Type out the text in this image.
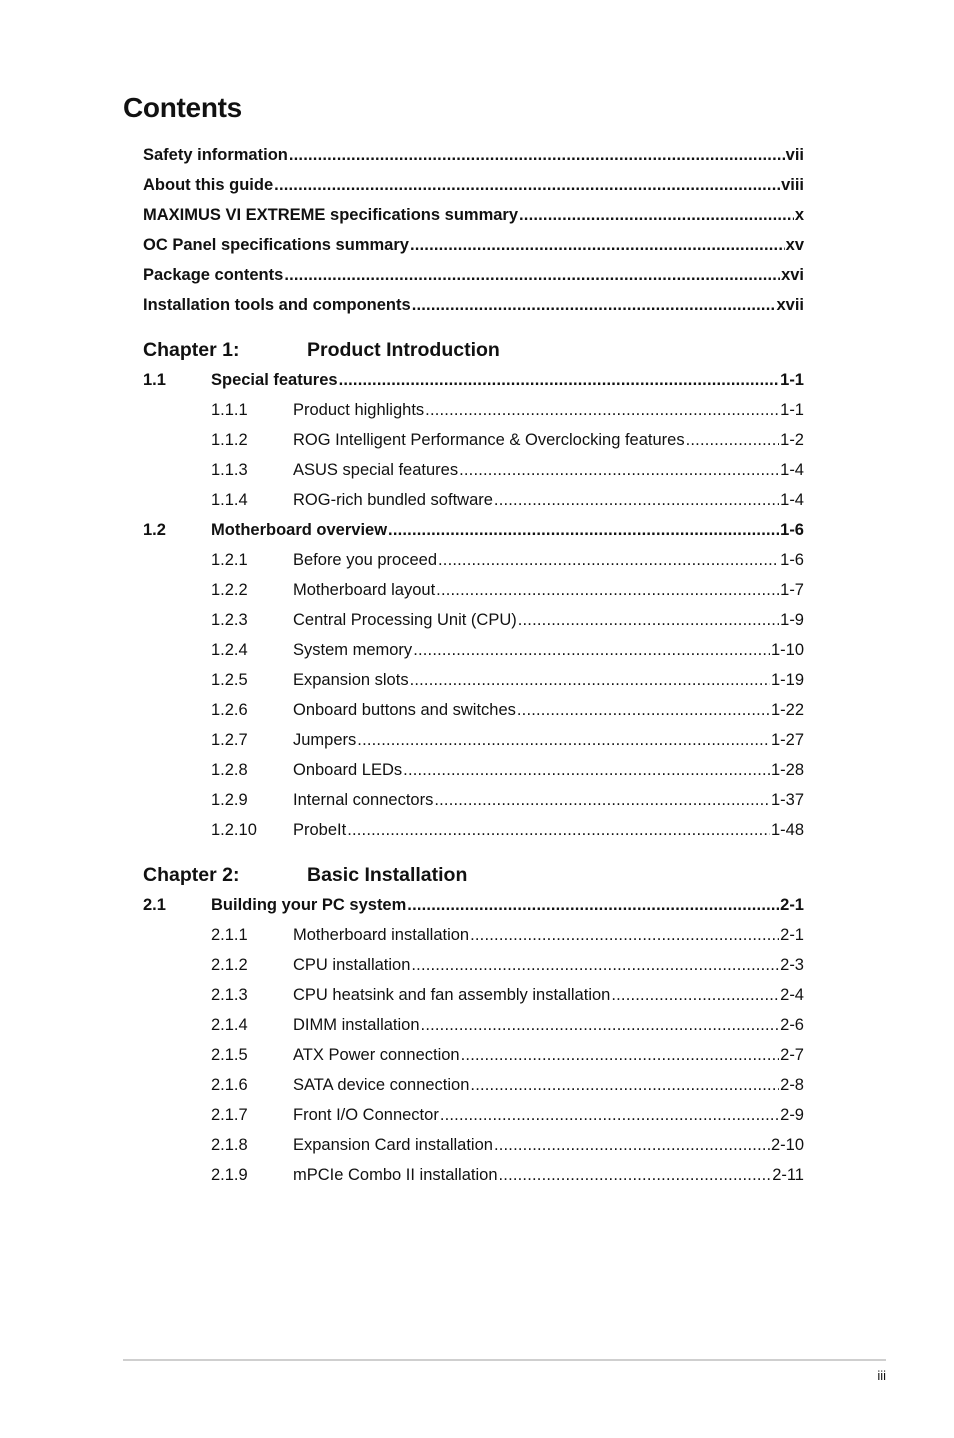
Contents
Safety information .....	vii
About this guide .....	viii
MAXIMUS VI EXTREME specifications summary .....	x
OC Panel specifications summary .....	xv
Package contents .....	xvi
Installation tools and components .....	xvii
Chapter 1:	Product Introduction
1.1	Special features .....	1-1
1.1.1	Product highlights .....	1-1
1.1.2	ROG Intelligent Performance & Overclocking features .....	1-2
1.1.3	ASUS special features .....	1-4
1.1.4	ROG-rich bundled software .....	1-4
1.2	Motherboard overview .....	1-6
1.2.1	Before you proceed .....	1-6
1.2.2	Motherboard layout .....	1-7
1.2.3	Central Processing Unit (CPU) .....	1-9
1.2.4	System memory .....	1-10
1.2.5	Expansion slots .....	1-19
1.2.6	Onboard buttons and switches .....	1-22
1.2.7	Jumpers .....	1-27
1.2.8	Onboard LEDs .....	1-28
1.2.9	Internal connectors .....	1-37
1.2.10	ProbeIt .....	1-48
Chapter 2:	Basic Installation
2.1	Building your PC system .....	2-1
2.1.1	Motherboard installation .....	2-1
2.1.2	CPU installation .....	2-3
2.1.3	CPU heatsink and fan assembly installation .....	2-4
2.1.4	DIMM installation .....	2-6
2.1.5	ATX Power connection .....	2-7
2.1.6	SATA device connection .....	2-8
2.1.7	Front I/O Connector .....	2-9
2.1.8	Expansion Card installation .....	2-10
2.1.9	mPCIe Combo II installation .....	2-11
iii
